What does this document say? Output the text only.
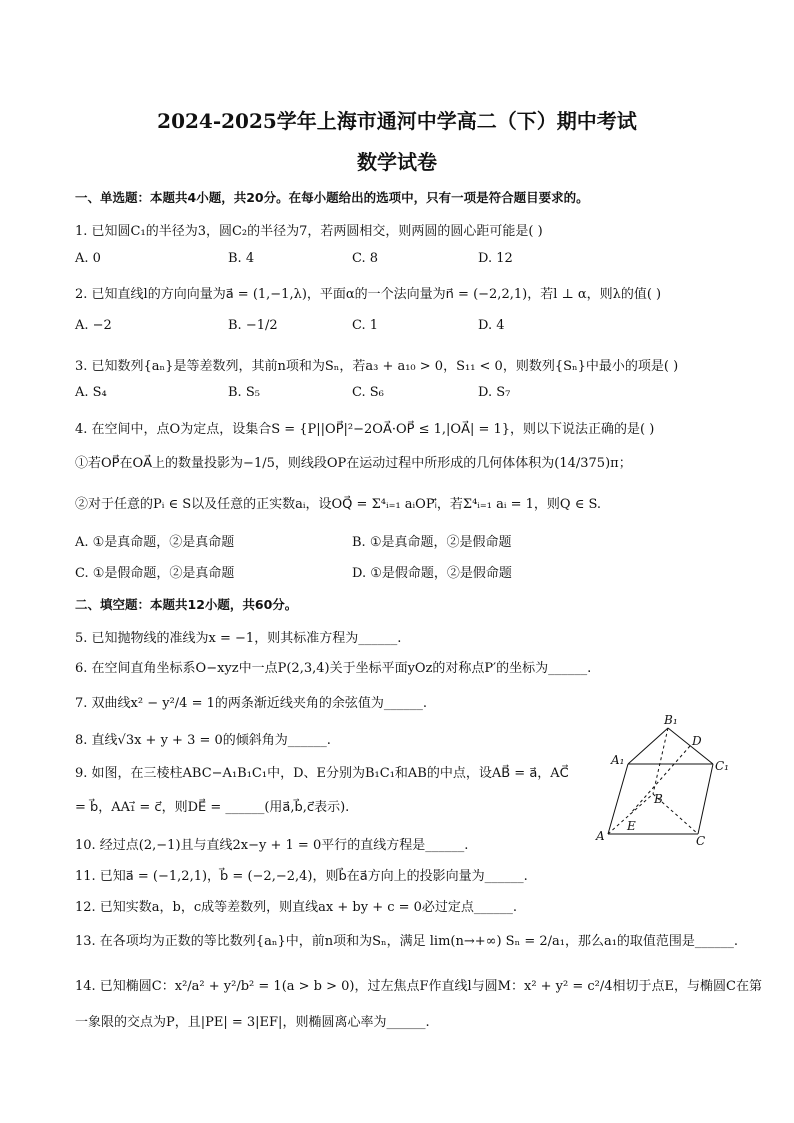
2024-2025学年上海市通河中学高二（下）期中考试
数学试卷
一、单选题：本题共4小题，共20分。在每小题给出的选项中，只有一项是符合题目要求的。
1. 已知圆C₁的半径为3，圆C₂的半径为7，若两圆相交，则两圆的圆心距可能是( )
A. 0	B. 4	C. 8	D. 12
2. 已知直线l的方向向量为a⃗ = (1,−1,λ)，平面α的一个法向量为n⃗ = (−2,2,1)，若l ⊥ α，则λ的值( )
A. −2	B. −1/2	C. 1	D. 4
3. 已知数列{aₙ}是等差数列，其前n项和为Sₙ，若a₃ + a₁₀ > 0，S₁₁ < 0，则数列{Sₙ}中最小的项是( )
A. S₄	B. S₅	C. S₆	D. S₇
4. 在空间中，点O为定点，设集合S = {P||OP⃗|²−2OA⃗·OP⃗ ≤ 1,|OA⃗| = 1}，则以下说法正确的是( )
①若OP⃗在OA⃗上的数量投影为−1/5，则线段OP在运动过程中所形成的几何体体积为(14/375)π；
②对于任意的Pᵢ ∈ S以及任意的正实数aᵢ，设OQ⃗ = Σ⁴ᵢ₌₁ aᵢOPᵢ⃗，若Σ⁴ᵢ₌₁ aᵢ = 1，则Q ∈ S.
A. ①是真命题，②是真命题	B. ①是真命题，②是假命题
C. ①是假命题，②是真命题	D. ①是假命题，②是假命题
二、填空题：本题共12小题，共60分。
5. 已知抛物线的准线为x = −1，则其标准方程为______.
6. 在空间直角坐标系O−xyz中一点P(2,3,4)关于坐标平面yOz的对称点P′的坐标为______.
7. 双曲线x² − y²/4 = 1的两条渐近线夹角的余弦值为______.
8. 直线√3x + y + 3 = 0的倾斜角为______.
9. 如图，在三棱柱ABC−A₁B₁C₁中，D、E分别为B₁C₁和AB的中点，设AB⃗ = a⃗，AC⃗
= b⃗，AA₁⃗ = c⃗，则DE⃗ = ______(用a⃗,b⃗,c⃗表示).
10. 经过点(2,−1)且与直线2x−y + 1 = 0平行的直线方程是______.
11. 已知a⃗ = (−1,2,1)，b⃗ = (−2,−2,4)，则b⃗在a⃗方向上的投影向量为______.
12. 已知实数a，b，c成等差数列，则直线ax + by + c = 0必过定点______.
13. 在各项均为正数的等比数列{aₙ}中，前n项和为Sₙ，满足 lim(n→+∞) Sₙ = 2/a₁，那么a₁的取值范围是______.
14. 已知椭圆C：x²/a² + y²/b² = 1(a > b > 0)，过左焦点F作直线l与圆M：x² + y² = c²/4相切于点E，与椭圆C在第
一象限的交点为P，且|PE| = 3|EF|，则椭圆离心率为______.
B₁
D
A₁	C₁
B
E
A	C
